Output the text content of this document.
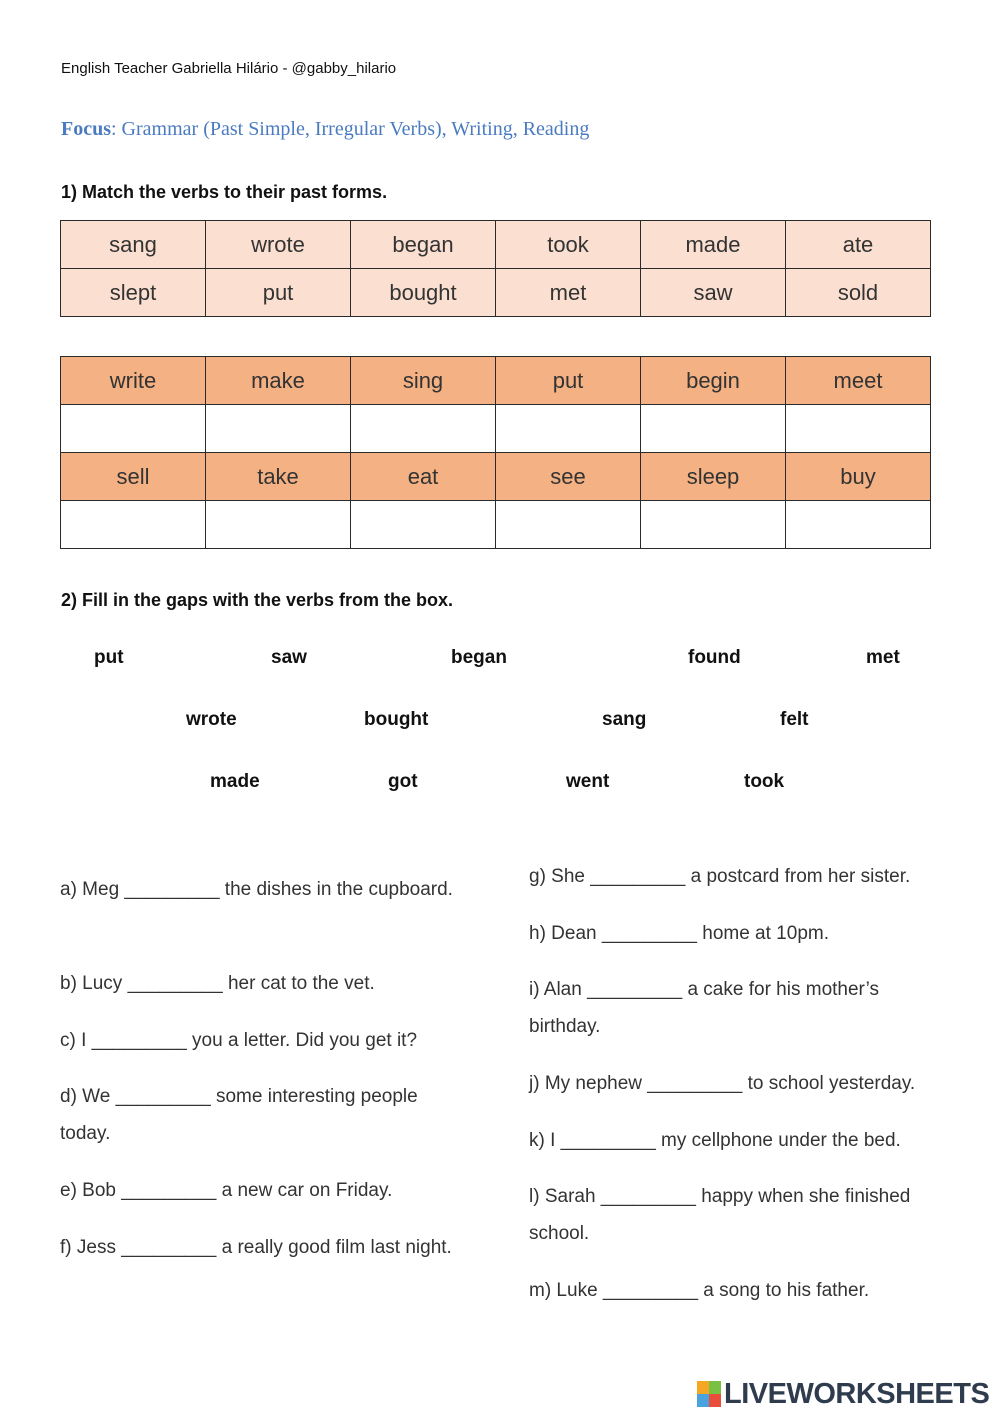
English Teacher Gabriella Hilário - @gabby_hilario
Focus: Grammar (Past Simple, Irregular Verbs), Writing, Reading
1) Match the verbs to their past forms.
sang	wrote	began	took	made	ate
slept	put	bought	met	saw	sold
write	make	sing	put	begin	meet

sell	take	eat	see	sleep	buy

2) Fill in the gaps with the verbs from the box.
put	saw	began	found	met
wrote	bought	sang	felt
made	got	went	took
a) Meg _________ the dishes in the cupboard.
b) Lucy _________ her cat to the vet.
c) I _________ you a letter. Did you get it?
d) We _________ some interesting people today.
e) Bob _________ a new car on Friday.
f) Jess _________ a really good film last night.
g) She _________ a postcard from her sister.
h) Dean _________ home at 10pm.
i) Alan _________ a cake for his mother’s birthday.
j) My nephew _________ to school yesterday.
k) I _________ my cellphone under the bed.
l) Sarah _________ happy when she finished school.
m) Luke _________ a song to his father.
LIVEWORKSHEETS
